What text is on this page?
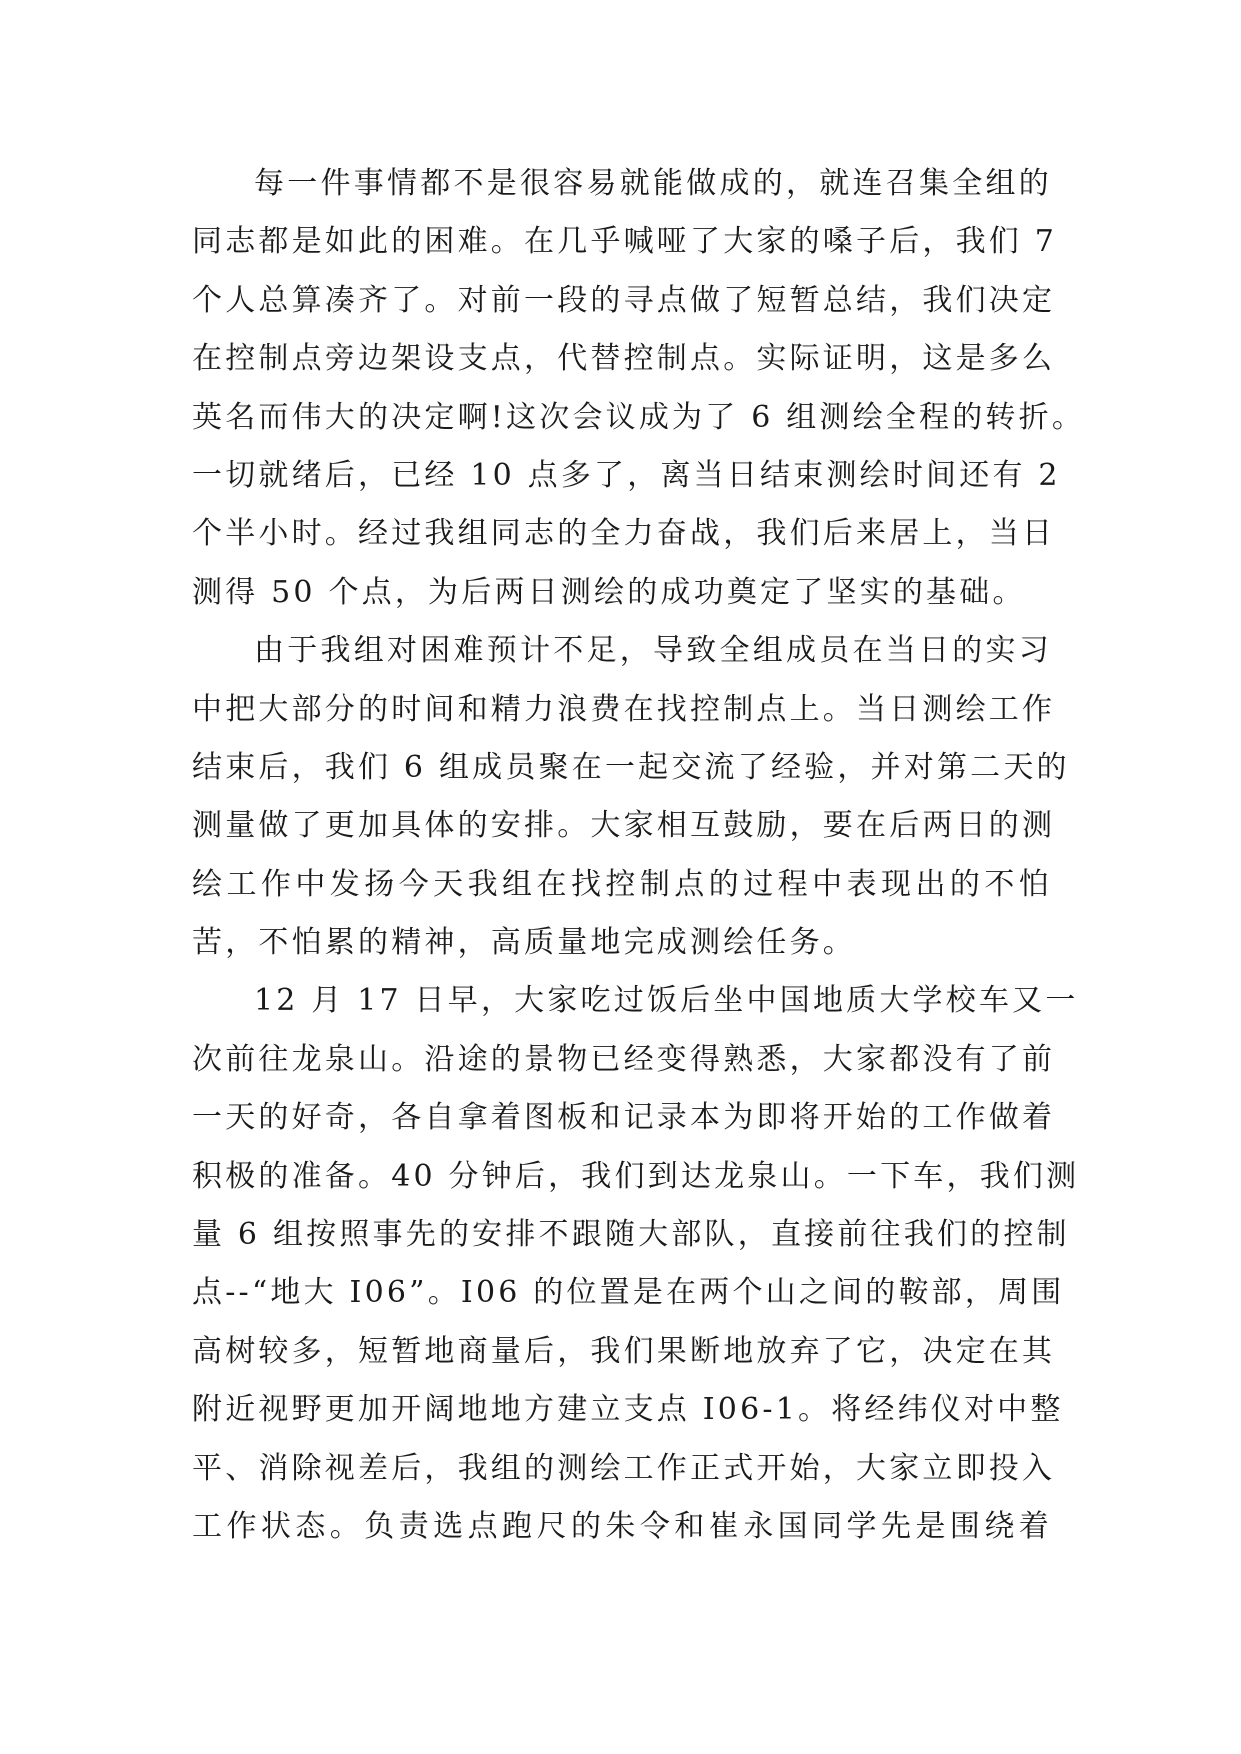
每一件事情都不是很容易就能做成的，就连召集全组的
同志都是如此的困难。在几乎喊哑了大家的嗓子后，我们 7
个人总算凑齐了。对前一段的寻点做了短暂总结，我们决定
在控制点旁边架设支点，代替控制点。实际证明，这是多么
英名而伟大的决定啊!这次会议成为了 6 组测绘全程的转折。
一切就绪后，已经 10 点多了，离当日结束测绘时间还有 2
个半小时。经过我组同志的全力奋战，我们后来居上，当日
测得 50 个点，为后两日测绘的成功奠定了坚实的基础。
由于我组对困难预计不足，导致全组成员在当日的实习
中把大部分的时间和精力浪费在找控制点上。当日测绘工作
结束后，我们 6 组成员聚在一起交流了经验，并对第二天的
测量做了更加具体的安排。大家相互鼓励，要在后两日的测
绘工作中发扬今天我组在找控制点的过程中表现出的不怕
苦，不怕累的精神，高质量地完成测绘任务。
12 月 17 日早，大家吃过饭后坐中国地质大学校车又一
次前往龙泉山。沿途的景物已经变得熟悉，大家都没有了前
一天的好奇，各自拿着图板和记录本为即将开始的工作做着
积极的准备。40 分钟后，我们到达龙泉山。一下车，我们测
量 6 组按照事先的安排不跟随大部队，直接前往我们的控制
点--“地大 I06”。I06 的位置是在两个山之间的鞍部，周围
高树较多，短暂地商量后，我们果断地放弃了它，决定在其
附近视野更加开阔地地方建立支点 I06-1。将经纬仪对中整
平、消除视差后，我组的测绘工作正式开始，大家立即投入
工作状态。负责选点跑尺的朱令和崔永国同学先是围绕着
